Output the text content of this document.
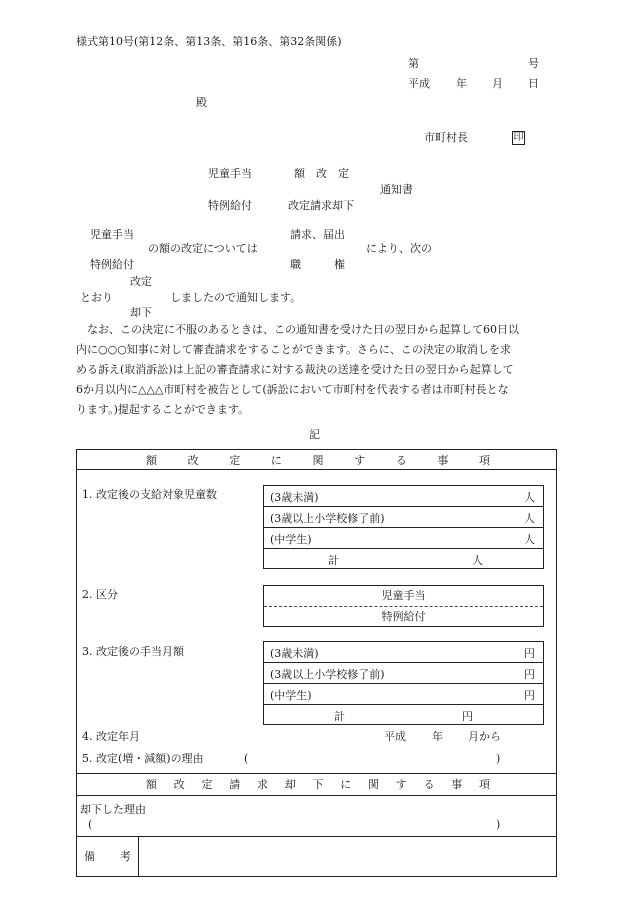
様式第10号(第12条、第13条、第16条、第32条関係)
第	号
平成 年 月 日
殿
市町村長	印
児童手当
特例給付
額　改　定
改定請求却下
通知書
児童手当
特例給付
の額の改定については
請求、届出
職　　　権
により、次の
改定
却下
とおり	しましたので通知します。
　なお、この決定に不服のあるときは、この通知書を受けた日の翌日から起算して60日以
内に○○○知事に対して審査請求をすることができます。さらに、この決定の取消しを求
める訴え(取消訴訟)は上記の審査請求に対する裁決の送達を受けた日の翌日から起算して
6か月以内に△△△市町村を被告として(訴訟において市町村を代表する者は市町村長とな
ります。)提起することができます。
記
額	改	定	に	関	す	る	事	項
1. 改定後の支給対象児童数	(3歳未満)	人
(3歳以上小学校修了前)	人
(中学生)	人
計	人
2. 区分	児童手当
特例給付
3. 改定後の手当月額	(3歳未満)	円
(3歳以上小学校修了前)	円
(中学生)	円
計	円
4. 改定年月	平成 年 月から
5. 改定(増・減額)の理由	(	)
額 改 定 請 求 却 下 に 関 す る 事 項
却下した理由
(	)
備 考
